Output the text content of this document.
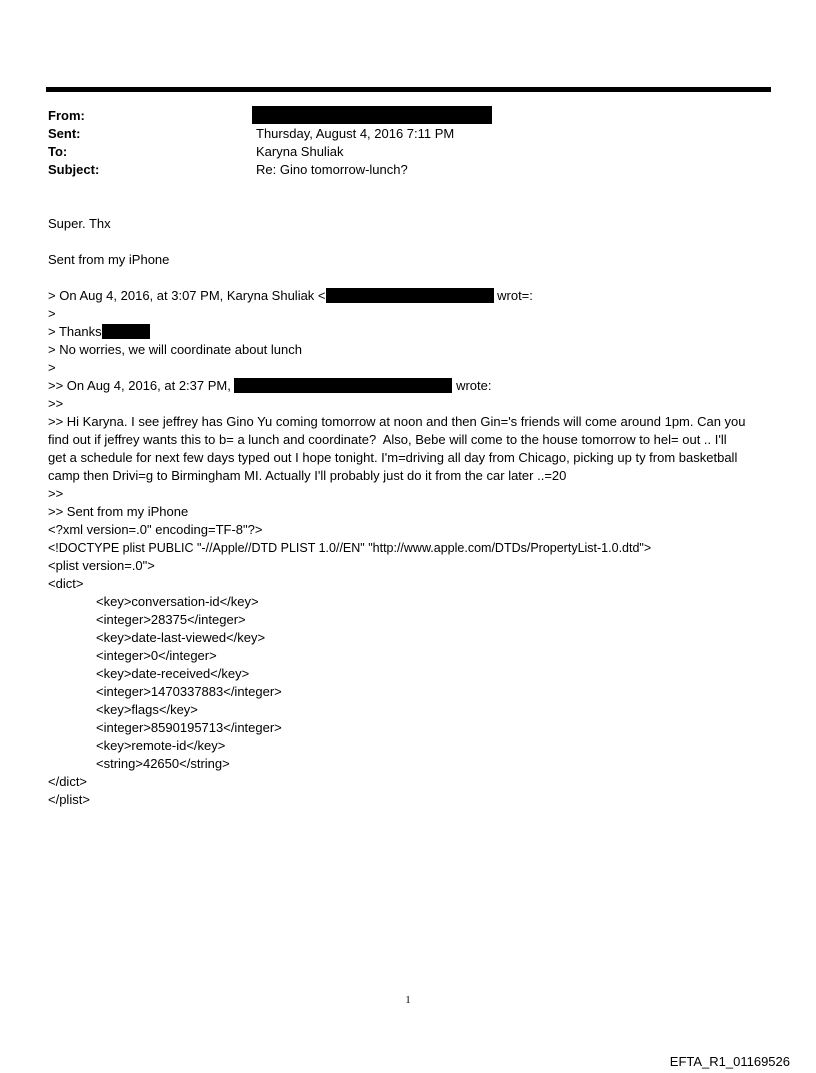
From:
Sent:	Thursday, August 4, 2016 7:11 PM
To:	Karyna Shuliak
Subject:	Re: Gino tomorrow-lunch?
Super. Thx
Sent from my iPhone
> On Aug 4, 2016, at 3:07 PM, Karyna Shuliak <	wrot=:
>
> Thanks
> No worries, we will coordinate about lunch
>
>> On Aug 4, 2016, at 2:37 PM,	wrote:
>>
>> Hi Karyna. I see jeffrey has Gino Yu coming tomorrow at noon and then Gin='s friends will come around 1pm. Can you
find out if jeffrey wants this to b= a lunch and coordinate?  Also, Bebe will come to the house tomorrow to hel= out .. I'll
get a schedule for next few days typed out I hope tonight. I'm=driving all day from Chicago, picking up ty from basketball
camp then Drivi=g to Birmingham MI. Actually I'll probably just do it from the car later ..=20
>>
>> Sent from my iPhone
<?xml version=.0" encoding=TF-8"?>
<!DOCTYPE plist PUBLIC "-//Apple//DTD PLIST 1.0//EN" "http://www.apple.com/DTDs/PropertyList-1.0.dtd">
<plist version=.0">
<dict>
<key>conversation-id</key>
<integer>28375</integer>
<key>date-last-viewed</key>
<integer>0</integer>
<key>date-received</key>
<integer>1470337883</integer>
<key>flags</key>
<integer>8590195713</integer>
<key>remote-id</key>
<string>42650</string>
</dict>
</plist>
1
EFTA_R1_01169526
